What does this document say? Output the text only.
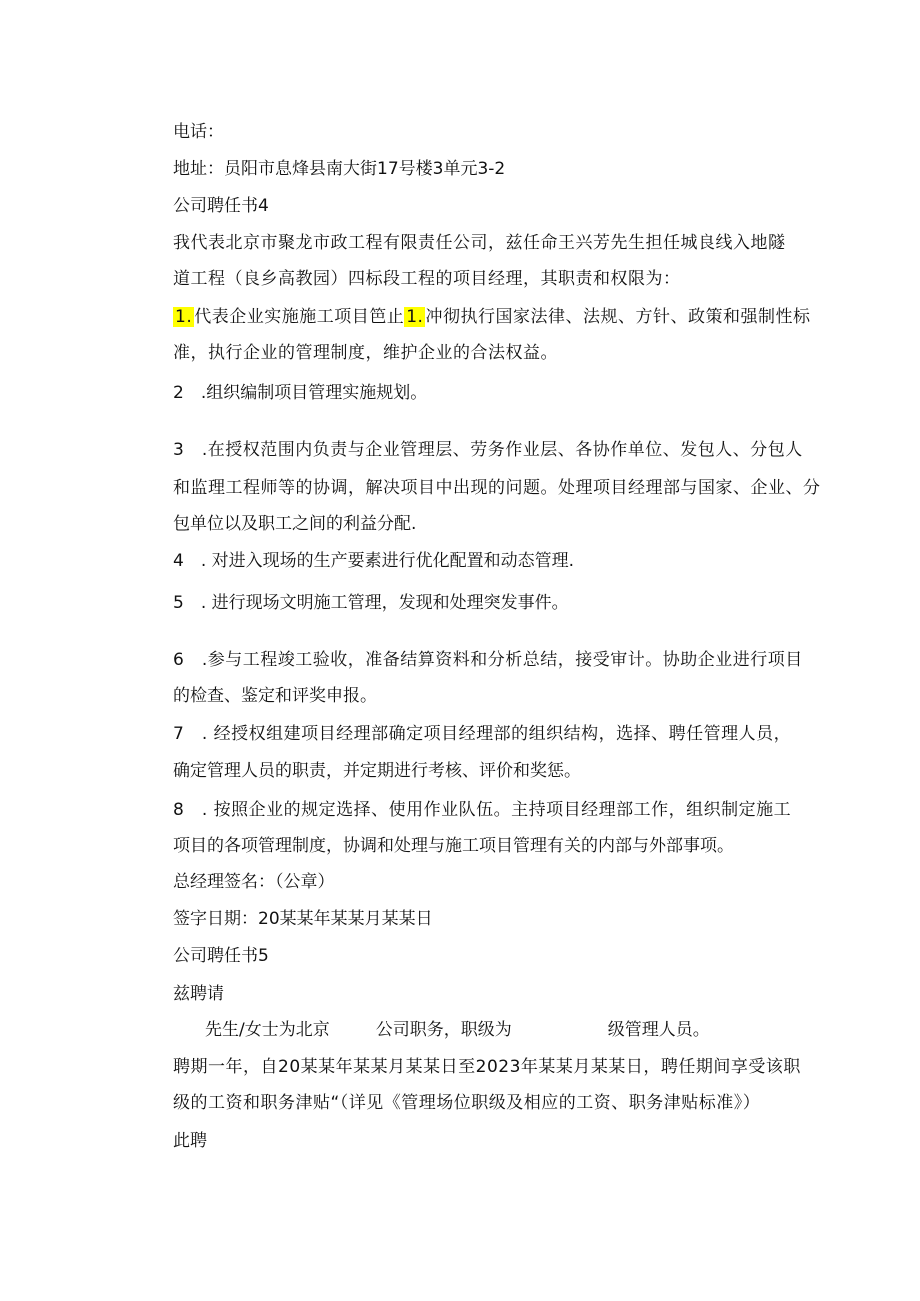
电话：
地址：员阳市息烽县南大街17号楼3单元3-2
公司聘任书4
我代表北京市聚龙市政工程有限责任公司，兹任命王兴芳先生担任城良线入地隧
道工程（良乡高教园）四标段工程的项目经理，其职责和权限为：
1. 代表企业实施施工项目笆止 1. 冲彻执行国家法律、法规、方针、政策和强制性标
准，执行企业的管理制度，维护企业的合法权益。
2　.组织编制项目管理实施规划。
3　.在授权范围内负责与企业管理层、劳务作业层、各协作单位、发包人、分包人
和监理工程师等的协调，解决项目中出现的问题。处理项目经理部与国家、企业、分
包单位以及职工之间的利益分配.
4　. 对进入现场的生产要素进行优化配置和动态管理.
5　. 进行现场文明施工管理，发现和处理突发事件。
6　.参与工程竣工验收，准备结算资料和分析总结，接受审计。协助企业进行项目
的检查、鉴定和评奖申报。
7　. 经授权组建项目经理部确定项目经理部的组织结构，选择、聘任管理人员，
确定管理人员的职责，并定期进行考核、评价和奖惩。
8　. 按照企业的规定选择、使用作业队伍。主持项目经理部工作，组织制定施工
项目的各项管理制度，协调和处理与施工项目管理有关的内部与外部事项。
总经理签名：（公章）
签字日期：20某某年某某月某某日
公司聘任书5
兹聘请
先生/女士为北京	公司职务，职级为	级管理人员。
聘期一年，自20某某年某某月某某日至2023年某某月某某日，聘任期间享受该职
级的工资和职务津贴“（详见《管理场位职级及相应的工资、职务津贴标准》）
此聘
